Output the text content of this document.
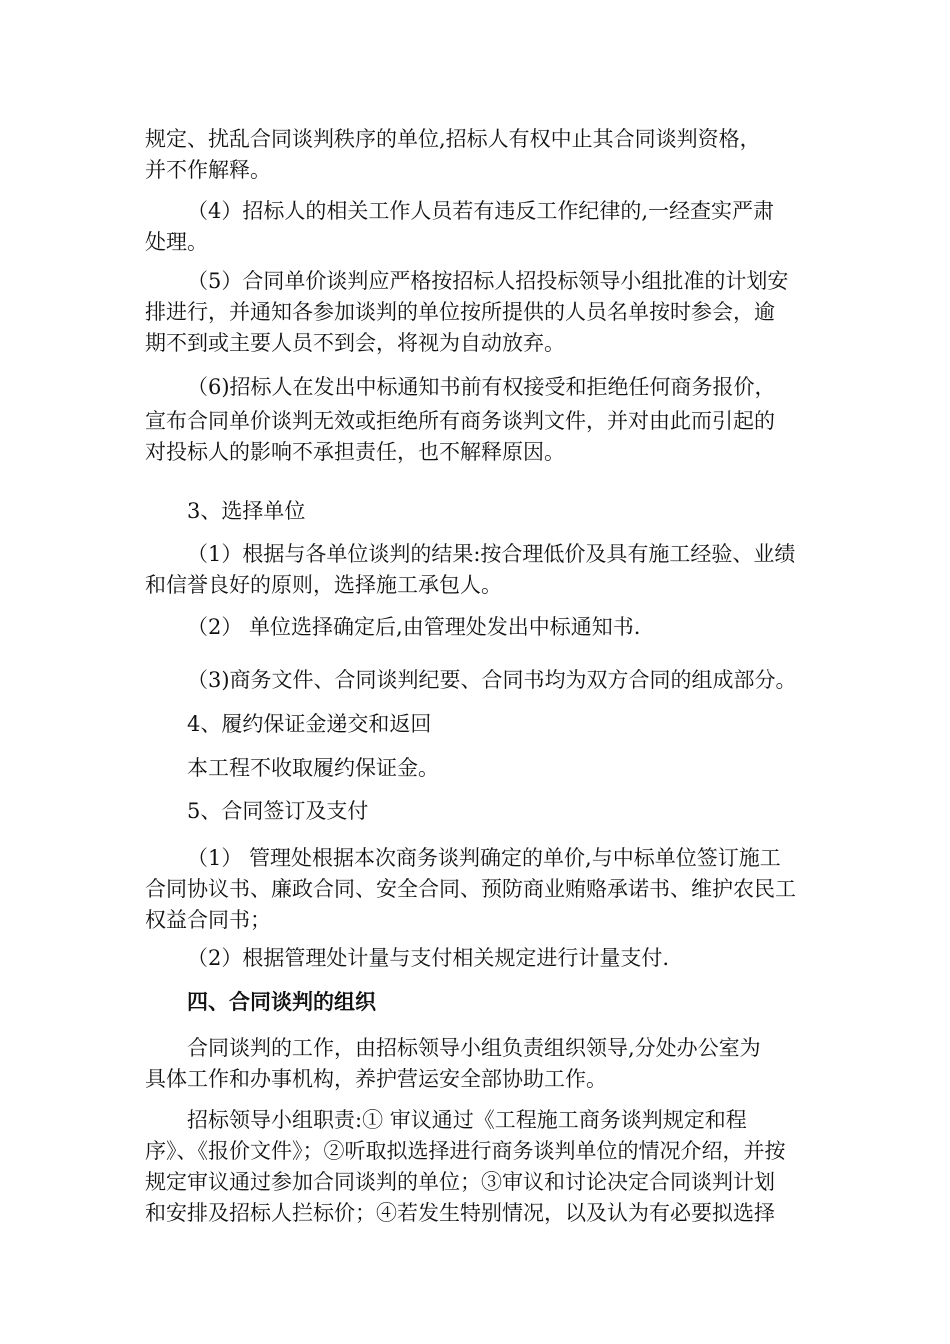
规定、扰乱合同谈判秩序的单位,招标人有权中止其合同谈判资格，
并不作解释。

（4）招标人的相关工作人员若有违反工作纪律的,一经查实严肃

处理。

（5）合同单价谈判应严格按招标人招投标领导小组批准的计划安
排进行，并通知各参加谈判的单位按所提供的人员名单按时参会，逾
期不到或主要人员不到会，将视为自动放弃。

（6)招标人在发出中标通知书前有权接受和拒绝任何商务报价，

宣布合同单价谈判无效或拒绝所有商务谈判文件，并对由此而引起的
对投标人的影响不承担责任，也不解释原因。

3、选择单位

（1）根据与各单位谈判的结果:按合理低价及具有施工经验、业绩
和信誉良好的原则，选择施工承包人。

（2） 单位选择确定后,由管理处发出中标通知书.

（3)商务文件、合同谈判纪要、合同书均为双方合同的组成部分。

4、履约保证金递交和返回

本工程不收取履约保证金。

5、合同签订及支付

（1） 管理处根据本次商务谈判确定的单价,与中标单位签订施工
合同协议书、廉政合同、安全合同、预防商业贿赂承诺书、维护农民工
权益合同书；

（2）根据管理处计量与支付相关规定进行计量支付.

四、合同谈判的组织

合同谈判的工作，由招标领导小组负责组织领导,分处办公室为
具体工作和办事机构，养护营运安全部协助工作。

招标领导小组职责:① 审议通过《工程施工商务谈判规定和程
序》、《报价文件》；②听取拟选择进行商务谈判单位的情况介绍，并按
规定审议通过参加合同谈判的单位；③审议和讨论决定合同谈判计划
和安排及招标人拦标价；④若发生特别情况，以及认为有必要拟选择
